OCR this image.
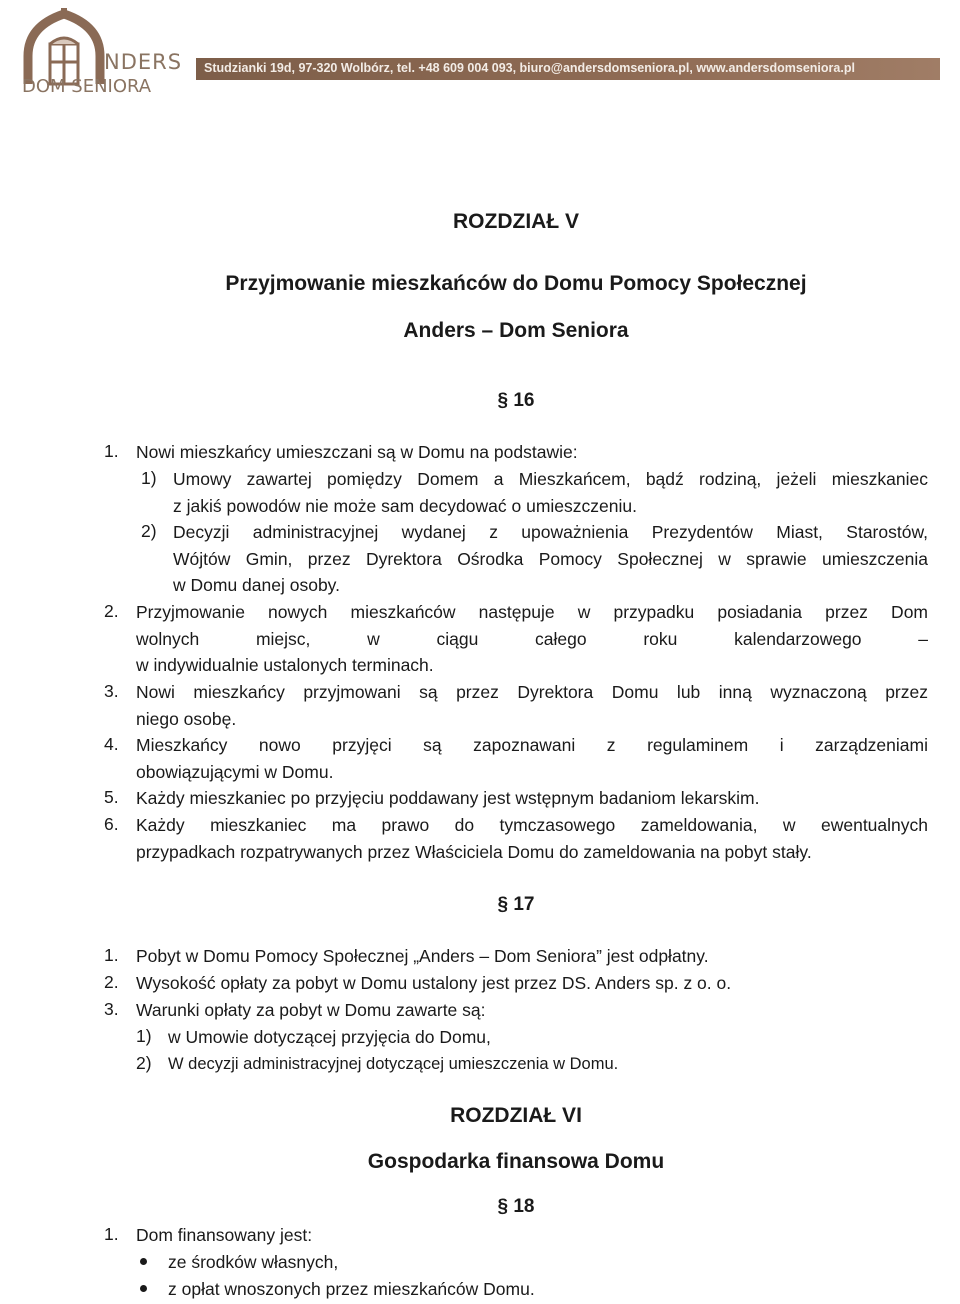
NDERS
DOM SENIORA
Studzianki 19d, 97-320 Wolbórz, tel. +48 609 004 093, biuro@andersdomseniora.pl, www.andersdomseniora.pl
ROZDZIAŁ V
Przyjmowanie mieszkańców do Domu Pomocy Społecznej
Anders – Dom Seniora
§ 16
1. Nowi mieszkańcy umieszczani są w Domu na podstawie:
1) Umowy zawartej pomiędzy Domem a Mieszkańcem, bądź rodziną, jeżeli mieszkaniec
z jakiś powodów nie może sam decydować o umieszczeniu.
2) Decyzji administracyjnej wydanej z upoważnienia Prezydentów Miast, Starostów,
Wójtów Gmin, przez Dyrektora Ośrodka Pomocy Społecznej w sprawie umieszczenia
w Domu danej osoby.
2. Przyjmowanie nowych mieszkańców następuje w przypadku posiadania przez Dom
wolnych miejsc, w ciągu całego roku kalendarzowego –
w indywidualnie ustalonych terminach.
3. Nowi mieszkańcy przyjmowani są przez Dyrektora Domu lub inną wyznaczoną przez
niego osobę.
4. Mieszkańcy nowo przyjęci są zapoznawani z regulaminem i zarządzeniami
obowiązującymi w Domu.
5. Każdy mieszkaniec po przyjęciu poddawany jest wstępnym badaniom lekarskim.
6. Każdy mieszkaniec ma prawo do tymczasowego zameldowania, w ewentualnych
przypadkach rozpatrywanych przez Właściciela Domu do zameldowania na pobyt stały.
§ 17
1. Pobyt w Domu Pomocy Społecznej „Anders – Dom Seniora” jest odpłatny.
2. Wysokość opłaty za pobyt w Domu ustalony jest przez DS. Anders sp. z o. o.
3. Warunki opłaty za pobyt w Domu zawarte są:
1) w Umowie dotyczącej przyjęcia do Domu,
2) W decyzji administracyjnej dotyczącej umieszczenia w Domu.
ROZDZIAŁ VI
Gospodarka finansowa Domu
§ 18
1. Dom finansowany jest:
ze środków własnych,
z opłat wnoszonych przez mieszkańców Domu.
